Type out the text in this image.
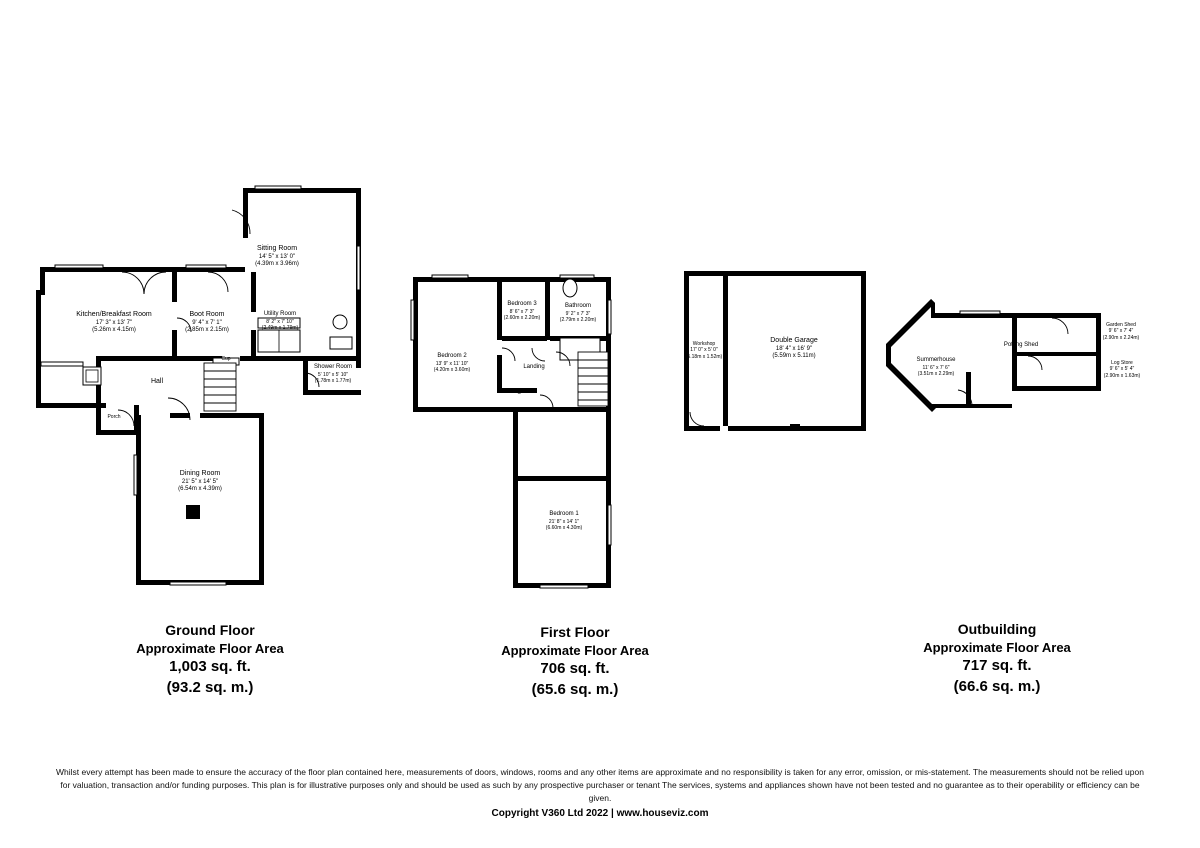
Sitting Room
14' 5" x 13' 0"
(4.39m x 3.96m)
Kitchen/Breakfast Room
17' 3" x 13' 7"
(5.26m x 4.15m)
Boot Room
9' 4" x 7' 1"
(2.85m x 2.15m)
Utility Room
8' 2" x 7' 10"
(2.49m x 1.79m)
Shower Room
5' 10" x 5' 10"
(1.78m x 1.77m)
Dining Room
21' 5" x 14' 5"
(6.54m x 4.39m)
Hall
Porch
Cup
Bedroom 3
8' 6" x 7' 3"
(2.60m x 2.20m)
Bathroom
9' 2" x 7' 3"
(2.79m x 2.20m)
Bedroom 2
13' 9" x 11' 10"
(4.20m x 3.60m)
Bedroom 1
21' 8" x 14' 1"
(6.60m x 4.30m)
Landing
C
Workshop
17' 0" x 5' 0"
(5.18m x 1.52m)
Double Garage
18' 4" x 16' 9"
(5.59m x 5.11m)
Summerhouse
11' 6" x 7' 6"
(3.51m x 2.29m)
Potting Shed
Garden Shed
9' 6" x 7' 4"
(2.90m x 2.24m)
Log Store
9' 6" x 5' 4"
(2.90m x 1.63m)
Ground Floor
Approximate Floor Area
1,003 sq. ft.
(93.2 sq. m.)
First Floor
Approximate Floor Area
706 sq. ft.
(65.6 sq. m.)
Outbuilding
Approximate Floor Area
717 sq. ft.
(66.6 sq. m.)
Whilst every attempt has been made to ensure the accuracy of the floor plan contained here, measurements of doors, windows, rooms and any other items are approximate and no responsibility is taken for any error, omission, or mis-statement. The measurements should not be relied upon for valuation, transaction and/or funding purposes. This plan is for illustrative purposes only and should be used as such by any prospective purchaser or tenant The services, systems and appliances shown have not been tested and no guarantee as to their operability or efficiency can be given.
Copyright V360 Ltd 2022 | www.houseviz.com
